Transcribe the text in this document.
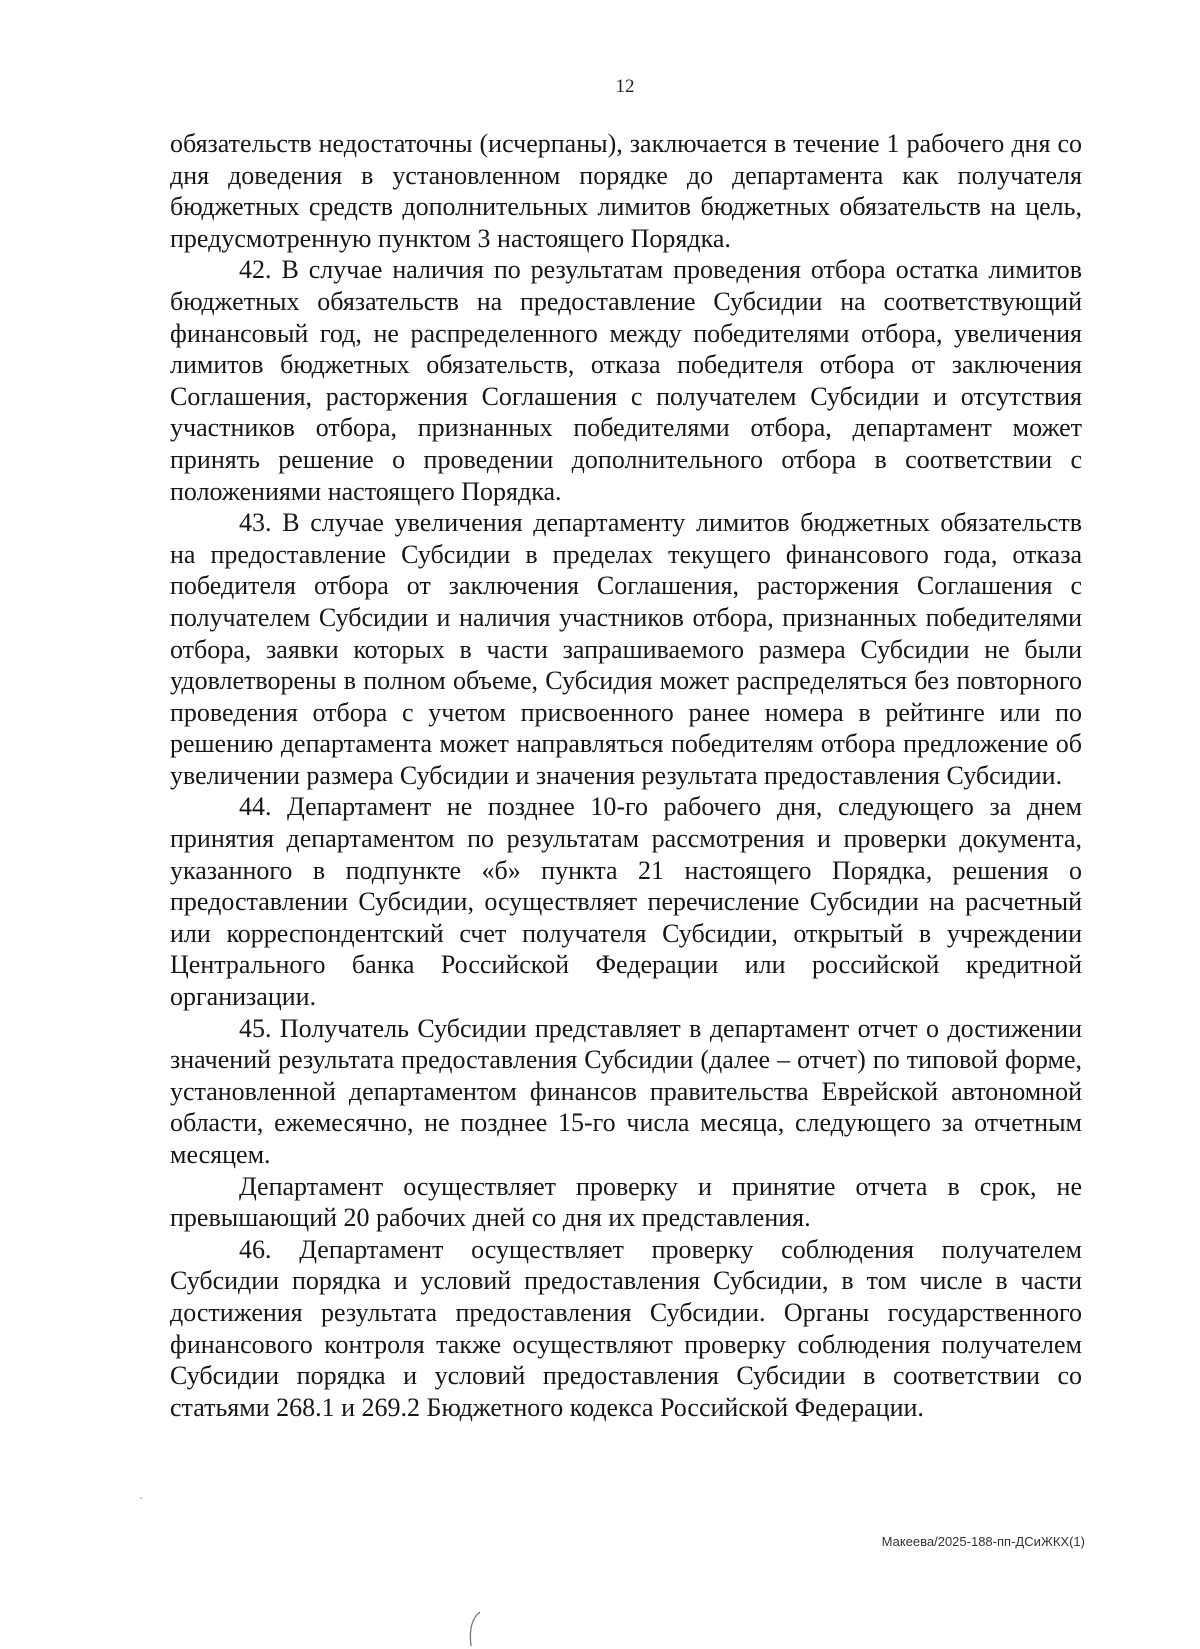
12

обязательств недостаточны (исчерпаны), заключается в течение 1 рабочего дня со дня доведения в установленном порядке до департамента как получателя бюджетных средств дополнительных лимитов бюджетных обязательств на цель, предусмотренную пунктом 3 настоящего Порядка.

42. В случае наличия по результатам проведения отбора остатка лимитов бюджетных обязательств на предоставление Субсидии на соответствующий финансовый год, не распределенного между победителями отбора, увеличения лимитов бюджетных обязательств, отказа победителя отбора от заключения Соглашения, расторжения Соглашения с получателем Субсидии и отсутствия участников отбора, признанных победителями отбора, департамент может принять решение о проведении дополнительного отбора в соответствии с положениями настоящего Порядка.

43. В случае увеличения департаменту лимитов бюджетных обязательств на предоставление Субсидии в пределах текущего финансового года, отказа победителя отбора от заключения Соглашения, расторжения Соглашения с получателем Субсидии и наличия участников отбора, признанных победителями отбора, заявки которых в части запрашиваемого размера Субсидии не были удовлетворены в полном объеме, Субсидия может распределяться без повторного проведения отбора с учетом присвоенного ранее номера в рейтинге или по решению департамента может направляться победителям отбора предложение об увеличении размера Субсидии и значения результата предоставления Субсидии.

44. Департамент не позднее 10-го рабочего дня, следующего за днем принятия департаментом по результатам рассмотрения и проверки документа, указанного в подпункте «б» пункта 21 настоящего Порядка, решения о предоставлении Субсидии, осуществляет перечисление Субсидии на расчетный или корреспондентский счет получателя Субсидии, открытый в учреждении Центрального банка Российской Федерации или российской кредитной организации.

45. Получатель Субсидии представляет в департамент отчет о достижении значений результата предоставления Субсидии (далее – отчет) по типовой форме, установленной департаментом финансов правительства Еврейской автономной области, ежемесячно, не позднее 15-го числа месяца, следующего за отчетным месяцем.

Департамент осуществляет проверку и принятие отчета в срок, не превышающий 20 рабочих дней со дня их представления.

46. Департамент осуществляет проверку соблюдения получателем Субсидии порядка и условий предоставления Субсидии, в том числе в части достижения результата предоставления Субсидии. Органы государственного финансового контроля также осуществляют проверку соблюдения получателем Субсидии порядка и условий предоставления Субсидии в соответствии со статьями 268.1 и 269.2 Бюджетного кодекса Российской Федерации.

Макеева/2025-188-пп-ДСиЖКХ(1)
